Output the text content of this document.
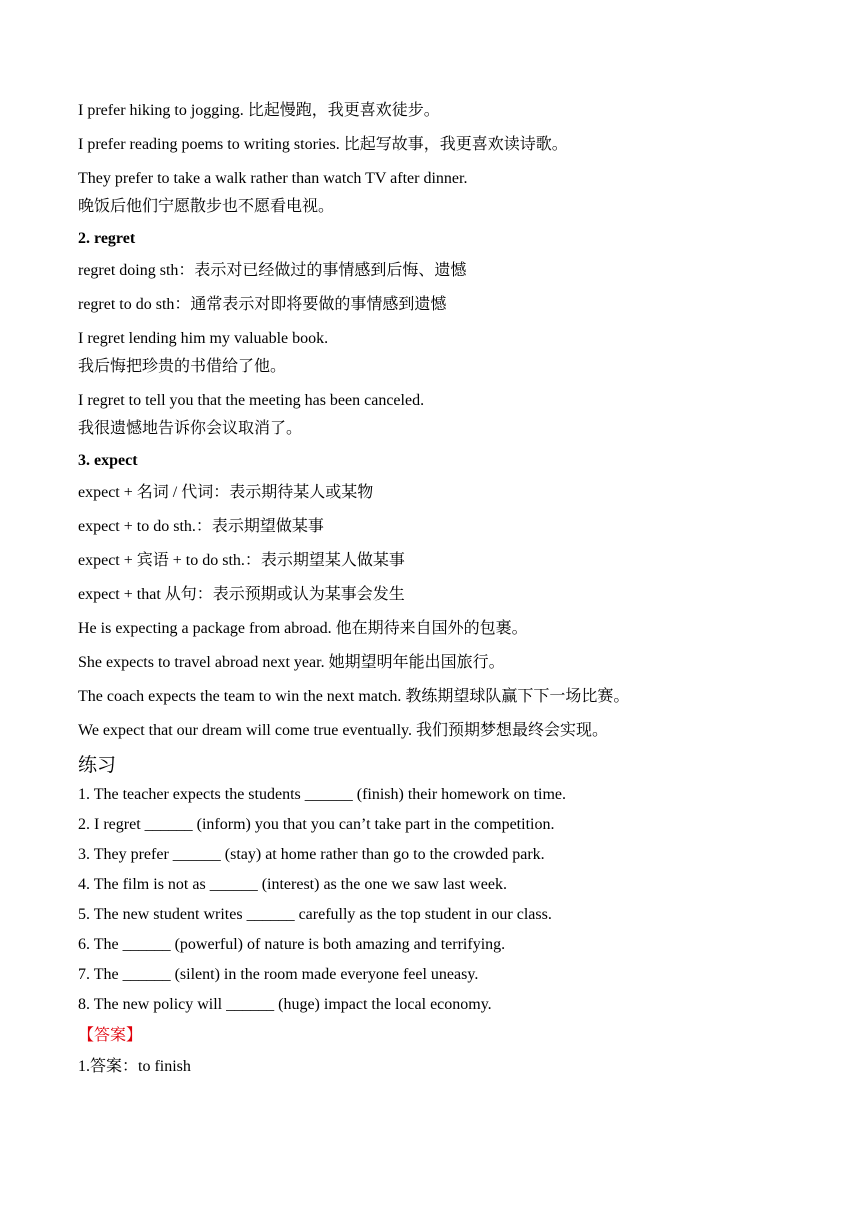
I prefer hiking to jogging. 比起慢跑，我更喜欢徒步。
I prefer reading poems to writing stories. 比起写故事，我更喜欢读诗歌。
They prefer to take a walk rather than watch TV after dinner.
晚饭后他们宁愿散步也不愿看电视。
2. regret
regret doing sth：表示对已经做过的事情感到后悔、遗憾
regret to do sth：通常表示对即将要做的事情感到遗憾
I regret lending him my valuable book.
我后悔把珍贵的书借给了他。
I regret to tell you that the meeting has been canceled.
我很遗憾地告诉你会议取消了。
3. expect
expect + 名词 / 代词：表示期待某人或某物
expect + to do sth.：表示期望做某事
expect + 宾语 + to do sth.：表示期望某人做某事
expect + that 从句：表示预期或认为某事会发生
He is expecting a package from abroad. 他在期待来自国外的包裹。
She expects to travel abroad next year. 她期望明年能出国旅行。
The coach expects the team to win the next match. 教练期望球队赢下下一场比赛。
We expect that our dream will come true eventually. 我们预期梦想最终会实现。
练习
1. The teacher expects the students ______ (finish) their homework on time.
2. I regret ______ (inform) you that you can’t take part in the competition.
3. They prefer ______ (stay) at home rather than go to the crowded park.
4. The film is not as ______ (interest) as the one we saw last week.
5. The new student writes ______ carefully as the top student in our class.
6. The ______ (powerful) of nature is both amazing and terrifying.
7. The ______ (silent) in the room made everyone feel uneasy.
8. The new policy will ______ (huge) impact the local economy.
【答案】
1.答案：to finish
